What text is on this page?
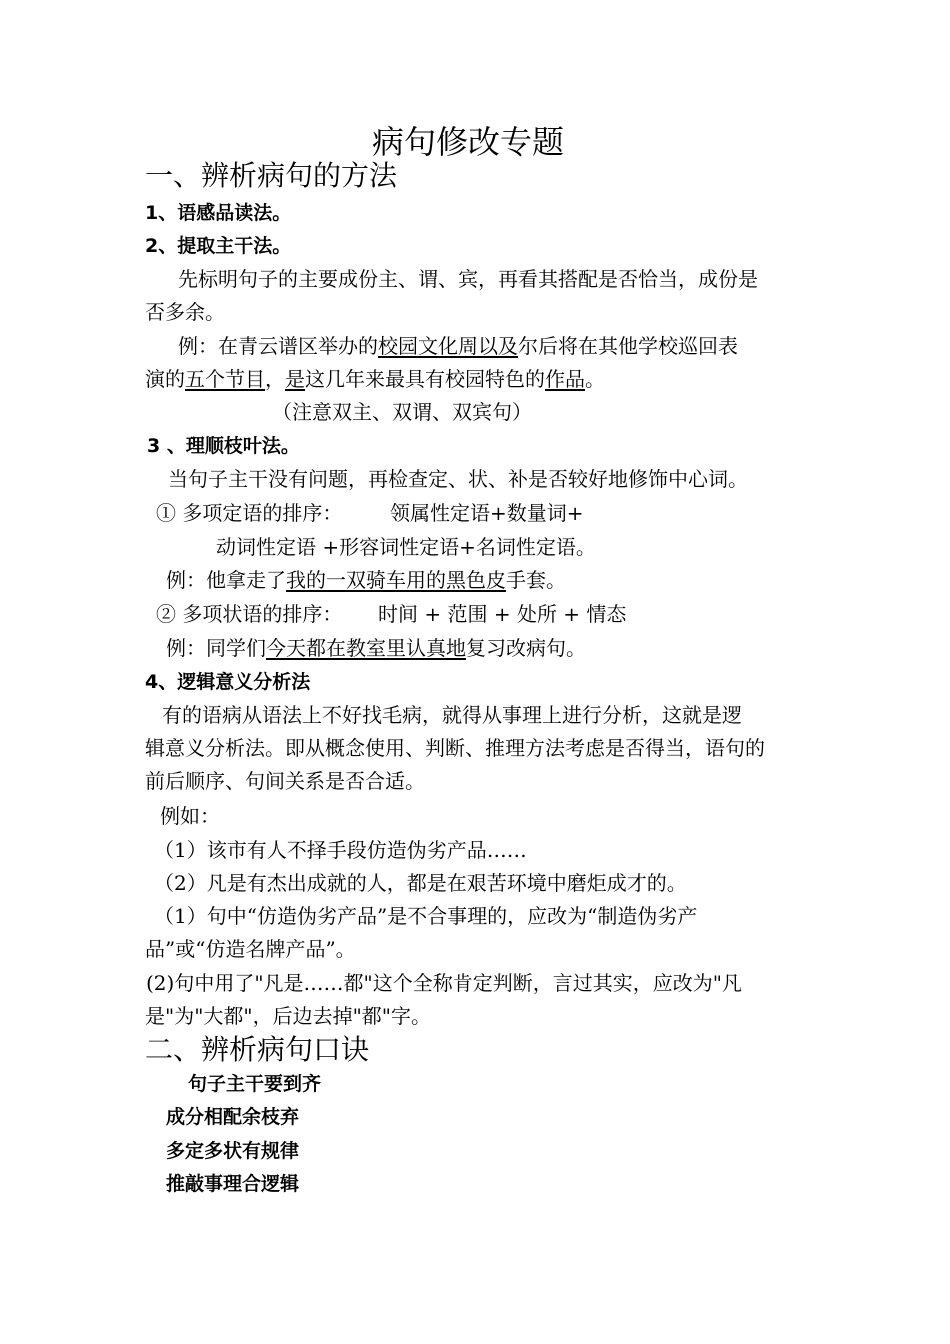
病句修改专题
一、辨析病句的方法
1、语感品读法。
2、提取主干法。
先标明句子的主要成份主、谓、宾，再看其搭配是否恰当，成份是
否多余。
例：在青云谱区举办的校园文化周以及尔后将在其他学校巡回表
演的五个节目，是这几年来最具有校园特色的作品。
（注意双主、双谓、双宾句）
3 、理顺枝叶法。
当句子主干没有问题，再检查定、状、补是否较好地修饰中心词。
① 多项定语的排序： 领属性定语+数量词+
动词性定语 +形容词性定语+名词性定语。
例：他拿走了我的一双骑车用的黑色皮手套。
② 多项状语的排序： 时间 + 范围 + 处所 + 情态
例：同学们今天都在教室里认真地复习改病句。
4、逻辑意义分析法
有的语病从语法上不好找毛病，就得从事理上进行分析，这就是逻
辑意义分析法。即从概念使用、判断、推理方法考虑是否得当，语句的
前后顺序、句间关系是否合适。
例如：
（1）该市有人不择手段仿造伪劣产品……
（2）凡是有杰出成就的人，都是在艰苦环境中磨炬成才的。
（1）句中“仿造伪劣产品”是不合事理的，应改为“制造伪劣产
品”或“仿造名牌产品”。
(2)句中用了"凡是……都"这个全称肯定判断，言过其实，应改为"凡
是"为"大都"，后边去掉"都"字。
二、辨析病句口诀
句子主干要到齐
成分相配余枝弃
多定多状有规律
推敲事理合逻辑
